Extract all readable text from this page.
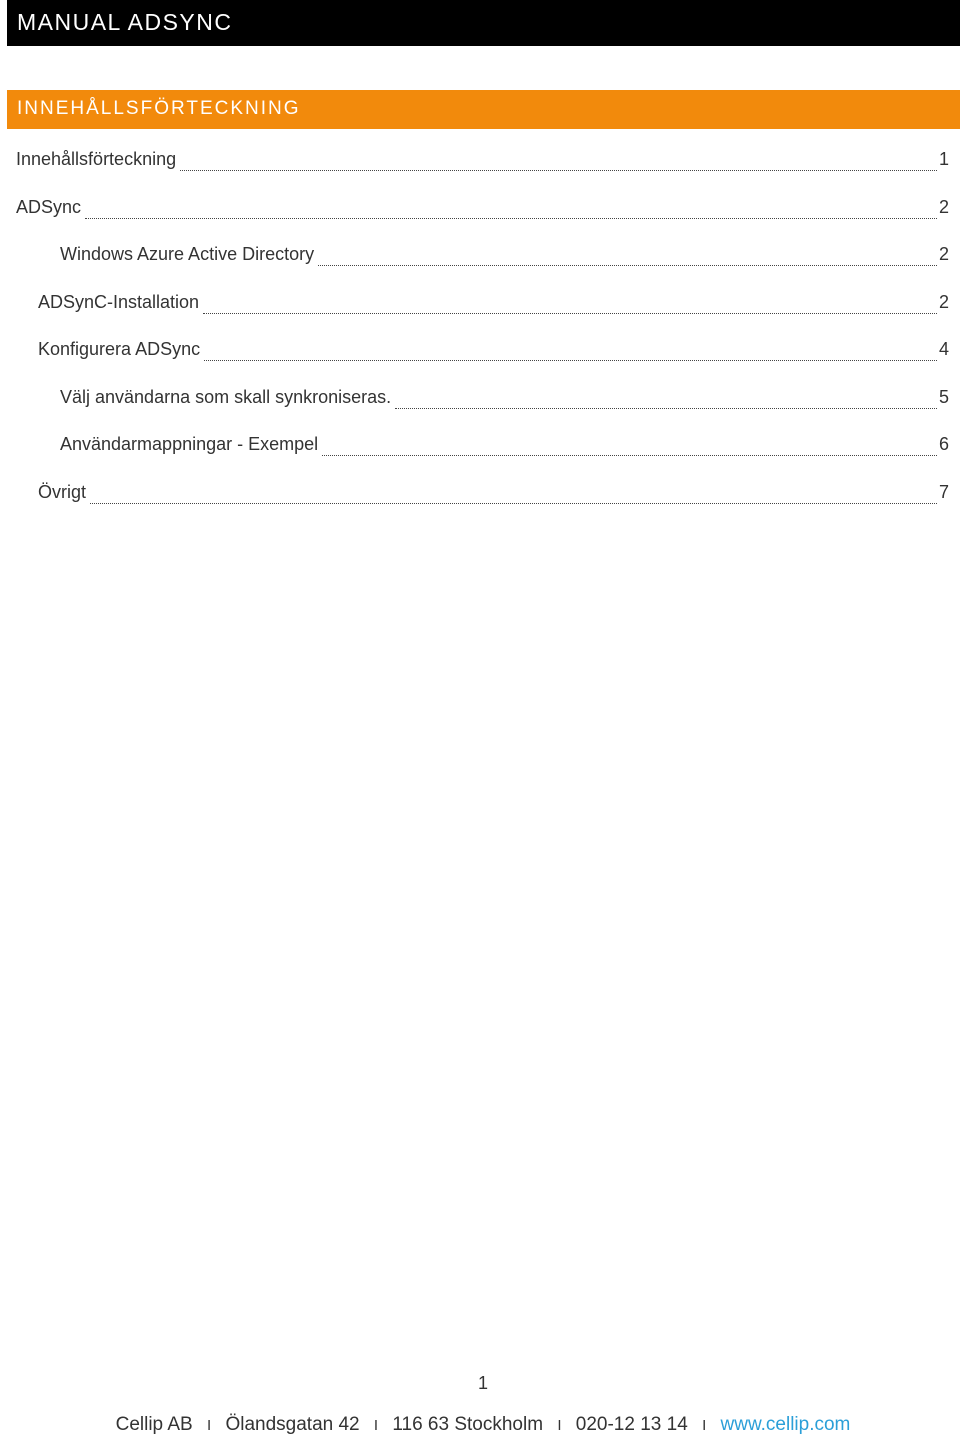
MANUAL ADSYNC
INNEHÅLLSFÖRTECKNING
Innehållsförteckning	1
ADSync	2
Windows Azure Active Directory	2
ADSynC-Installation	2
Konfigurera ADSync	4
Välj användarna som skall synkroniseras.	5
Användarmappningar - Exempel	6
Övrigt	7
1
Cellip AB I Ölandsgatan 42 I 116 63 Stockholm I 020-12 13 14 I www.cellip.com
